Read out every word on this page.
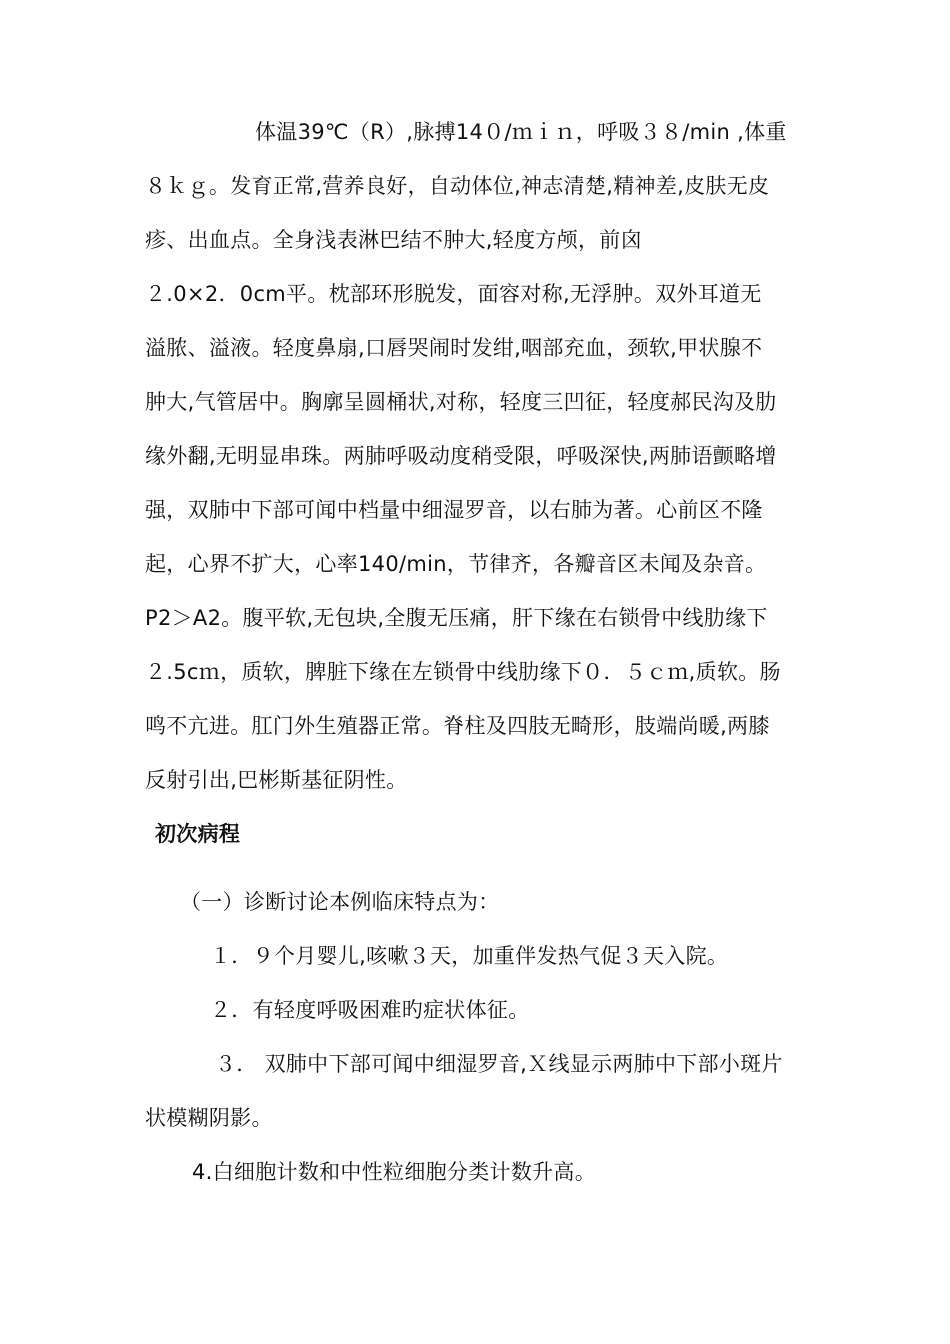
体温39℃（R）,脉搏14０/ｍｉｎ，呼吸３８/min ,体重
８ｋｇ。发育正常,营养良好，自动体位,神志清楚,精神差,皮肤无皮
疹、出血点。全身浅表淋巴结不肿大,轻度方颅，前囟
２.0×2．0cm平。枕部环形脱发，面容对称,无浮肿。双外耳道无
溢脓、溢液。轻度鼻扇,口唇哭闹时发绀,咽部充血，颈软,甲状腺不
肿大,气管居中。胸廓呈圆桶状,对称，轻度三凹征，轻度郝民沟及肋
缘外翻,无明显串珠。两肺呼吸动度稍受限，呼吸深快,两肺语颤略增
强，双肺中下部可闻中档量中细湿罗音，以右肺为著。心前区不隆
起，心界不扩大，心率140/min，节律齐，各瓣音区未闻及杂音。
P2＞A2。腹平软,无包块,全腹无压痛，肝下缘在右锁骨中线肋缘下
２.5cｍ，质软，脾脏下缘在左锁骨中线肋缘下０．５ｃｍ,质软。肠
鸣不亢进。肛门外生殖器正常。脊柱及四肢无畸形，肢端尚暖,两膝
反射引出,巴彬斯基征阴性。
初次病程
（一）诊断讨论﻿本例临床特点为：
１．９个月婴儿,咳嗽３天，加重伴发热气促３天入院。
２．有轻度呼吸困难旳症状体征。
３． 双肺中下部可闻中细湿罗音,Ｘ线显示两肺中下部小斑片
状模糊阴影。
4.白细胞计数和中性粒细胞分类计数升高。
